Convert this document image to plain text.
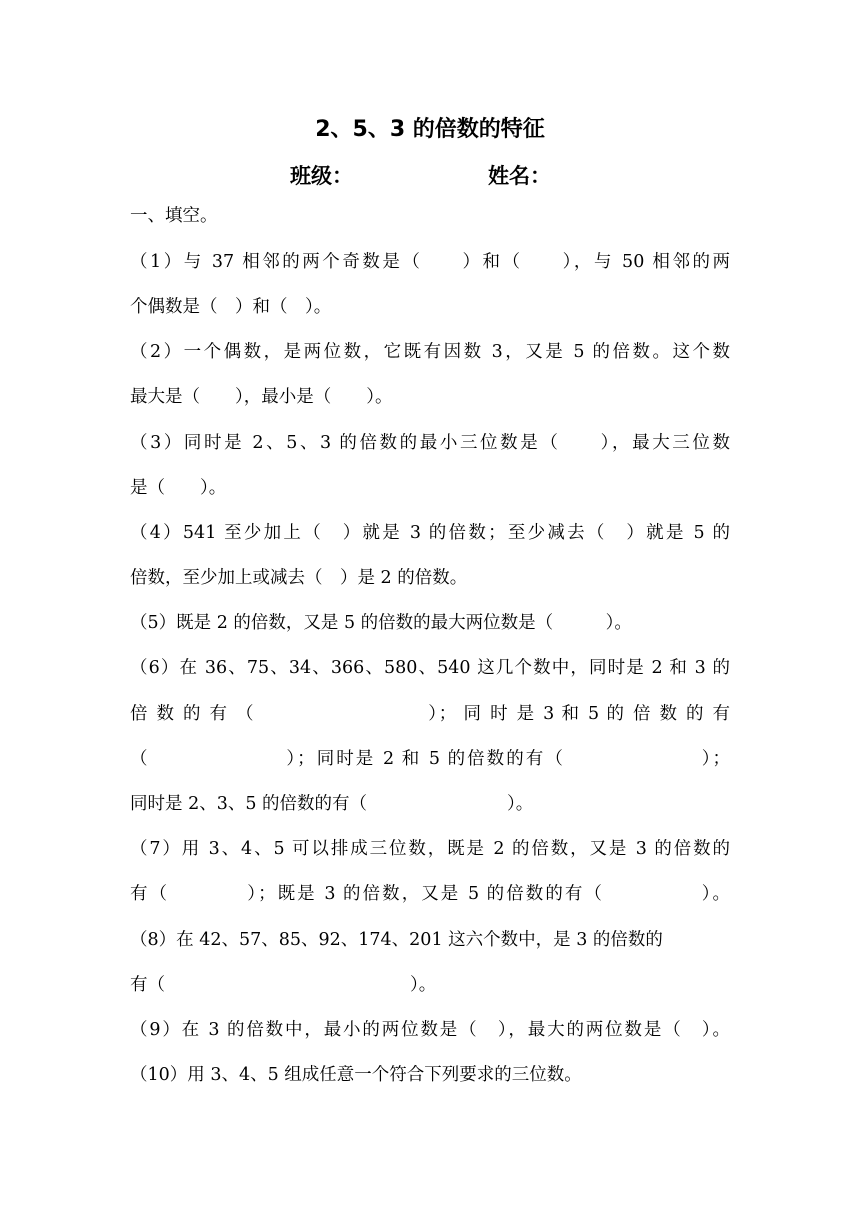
2、5、3 的倍数的特征
班级：	姓名：
一、填空。
（1）与 37 相邻的两个奇数是（　　）和（　　），与 50 相邻的两
个偶数是（　）和（　）。
（2）一个偶数，是两位数，它既有因数 3，又是 5 的倍数。这个数
最大是（　　），最小是（　　）。
（3）同时是 2、5、3 的倍数的最小三位数是（　　），最大三位数
是（　　）。
（4）541 至少加上（　）就是 3 的倍数；至少减去（　）就是 5 的
倍数，至少加上或减去（　）是 2 的倍数。
（5）既是 2 的倍数，又是 5 的倍数的最大两位数是（　　　）。
（6）在 36、75、34、366、580、540 这几个数中，同时是 2 和 3 的
倍 数 的 有 （　　　　　　　　　）； 同 时 是 3 和 5 的 倍 数 的 有
（　　　　　　　）；同时是 2 和 5 的倍数的有（　　　　　　　）；
同时是 2、3、5 的倍数的有（　　　　　　　　）。
（7）用 3、4、5 可以排成三位数，既是 2 的倍数，又是 3 的倍数的
有（　　　　）；既是 3 的倍数，又是 5 的倍数的有（　　　　　）。
（8）在 42、57、85、92、174、201 这六个数中，是 3 的倍数的
有（　　　　　　　　　　　　　　）。
（9）在 3 的倍数中，最小的两位数是（　），最大的两位数是（　）。
（10）用 3、4、5 组成任意一个符合下列要求的三位数。
